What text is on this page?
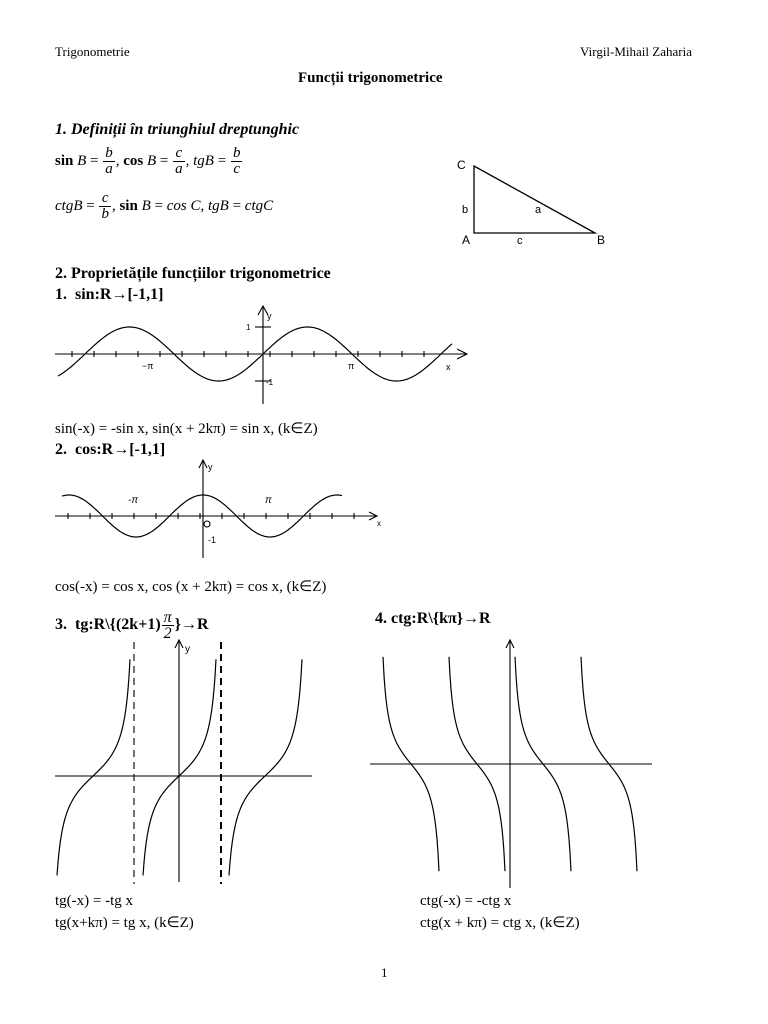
Trigonometrie	Virgil-Mihail Zaharia
Funcții trigonometrice
1. Definiții în triunghiul dreptunghic
$\sin B = \frac{b}{a}$ , $\cos B = \frac{c}{a}$ , tgB = $\frac{b}{c}$
ctgB = $\frac{c}{b}$ , sin B = cos C, tgB = ctgC
C
A	B
a
b
c
2. Proprietățile funcțiilor trigonometrice
1. sin:R→[-1,1]
y
x
1
-1
π
−π
sin(-x) = -sin x, sin(x + 2kπ) = sin x, (k∈Z)
2. cos:R→[-1,1]
y
x
-1
π
-π
cos(-x) = cos x, cos (x + 2kπ) = cos x, (k∈Z)
3. tg:R\{(2k+1) $\frac{\pi}{2} \}\to R$	4. ctg:R\{kπ}→R
y
tg(-x) = -tg x
tg(x+kπ) = tg x, (k∈Z)
ctg(-x) = -ctg x
ctg(x + kπ) = ctg x, (k∈Z)
1
